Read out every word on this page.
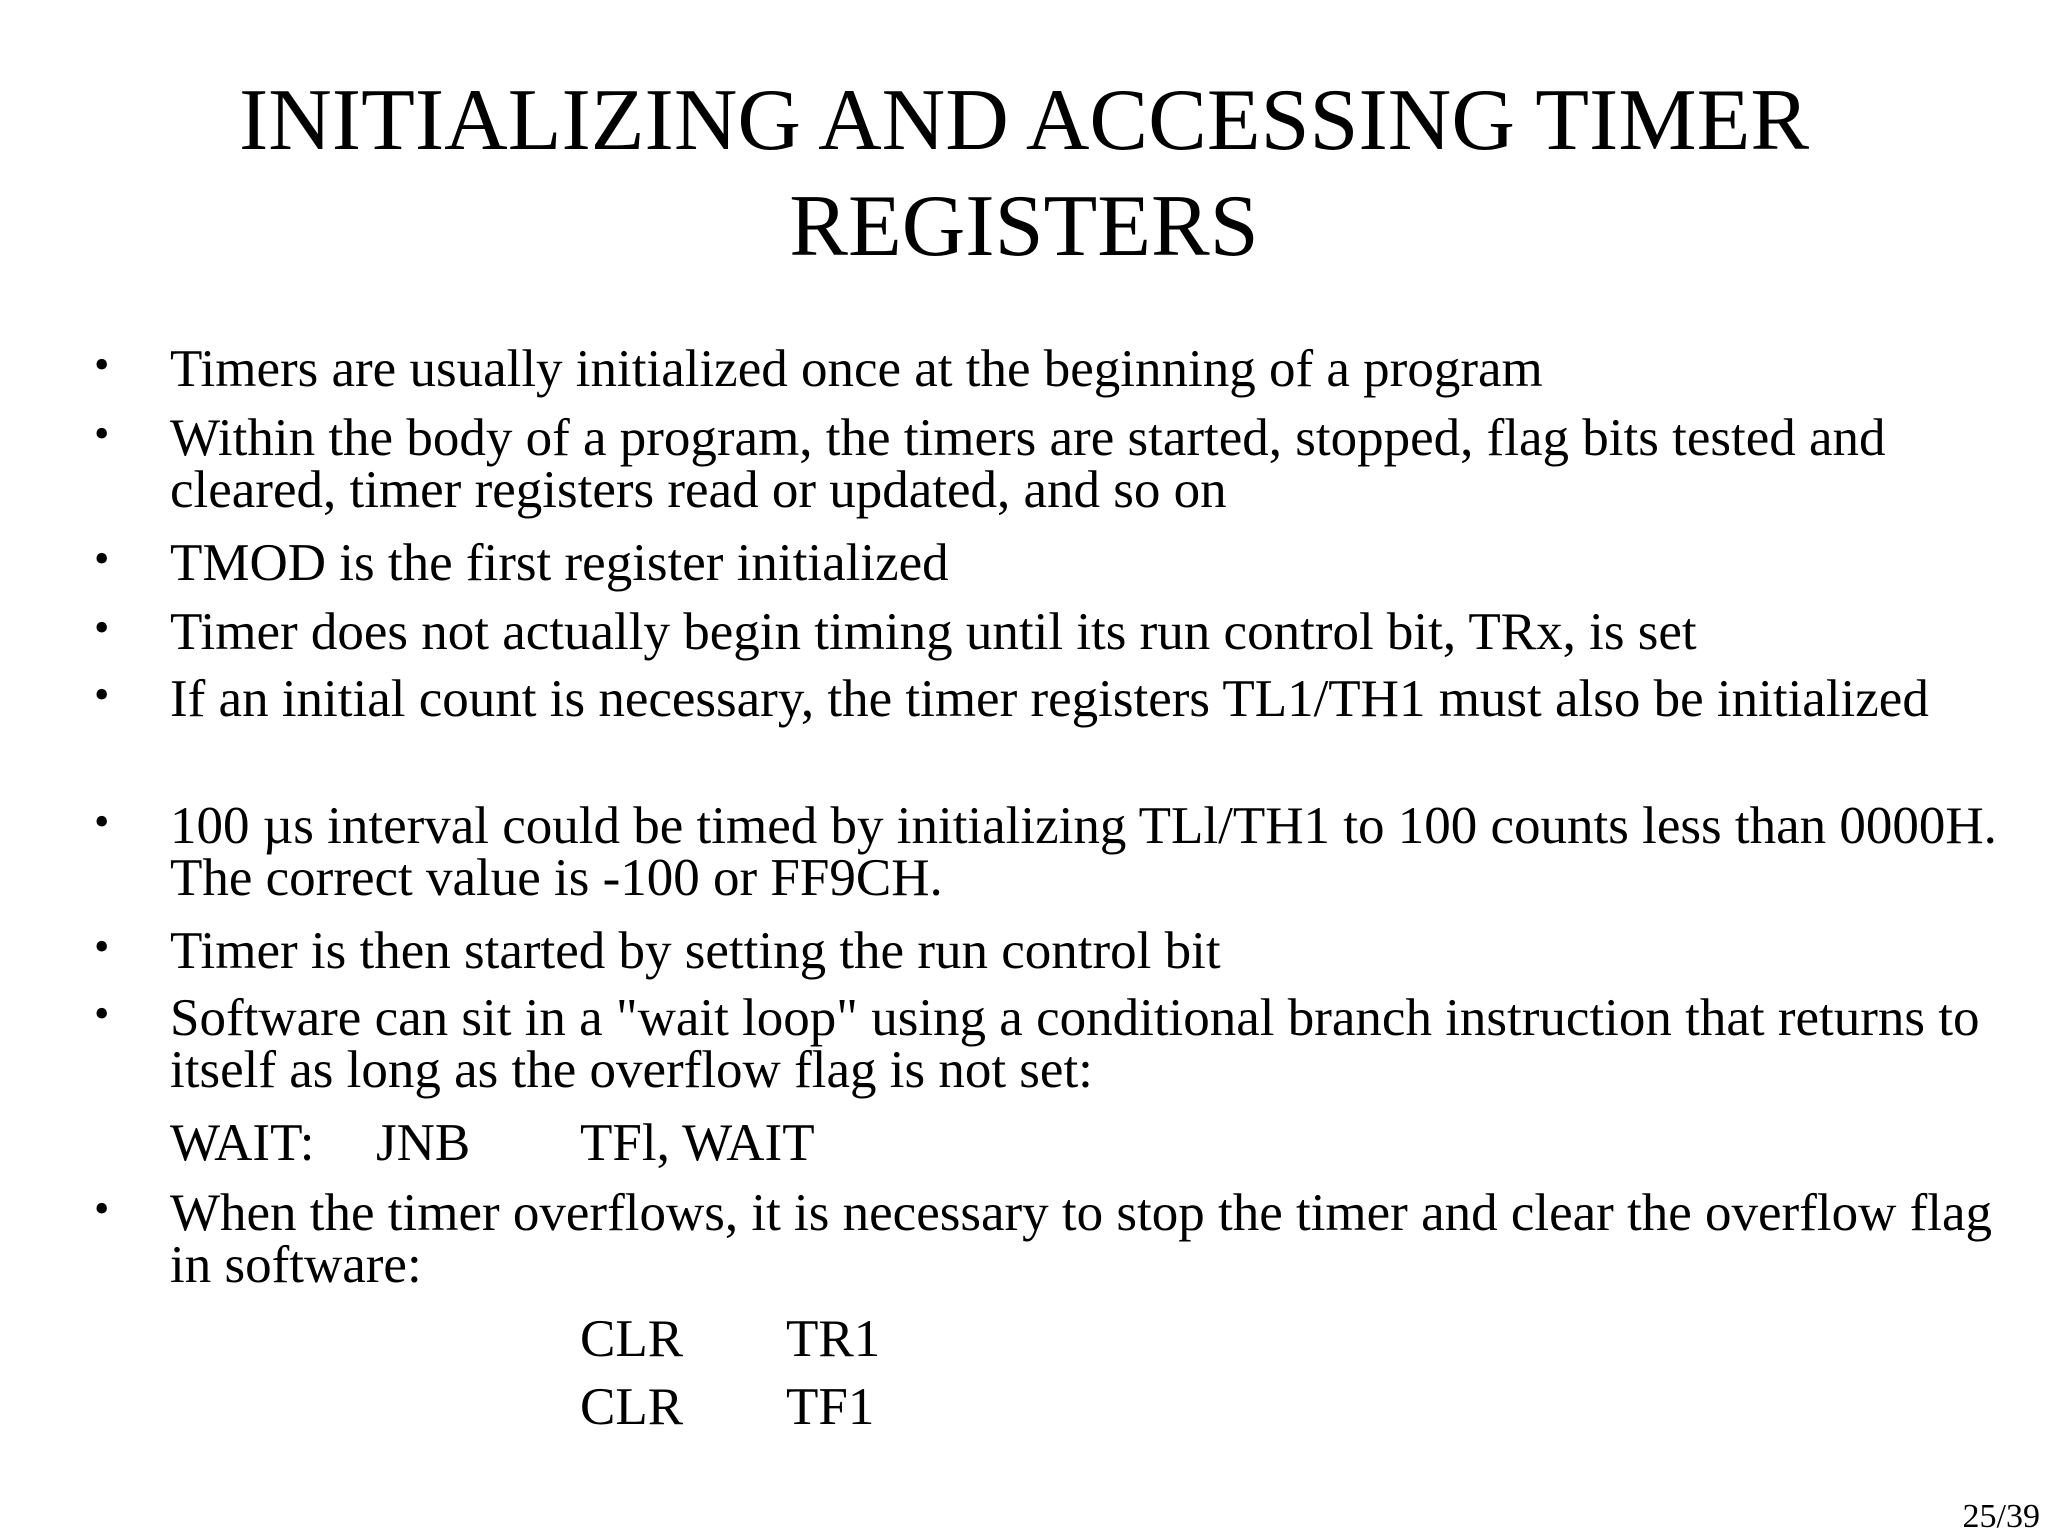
INITIALIZING AND ACCESSING TIMER
REGISTERS
• Timers are usually initialized once at the beginning of a program
• Within the body of a program, the timers are started, stopped, flag bits tested and cleared, timer registers read or updated, and so on
• TMOD is the first register initialized
• Timer does not actually begin timing until its run control bit, TRx, is set
• If an initial count is necessary, the timer registers TL1/TH1 must also be initialized
• 100 µs interval could be timed by initializing TLl/TH1 to 100 counts less than 0000H. The correct value is -100 or FF9CH.
• Timer is then started by setting the run control bit
• Software can sit in a "wait loop" using a conditional branch instruction that returns to itself as long as the overflow flag is not set:
• When the timer overflows, it is necessary to stop the timer and clear the overflow flag in software:
WAIT: JNB TFl, WAIT
CLR TR1
CLR TF1
25/39
